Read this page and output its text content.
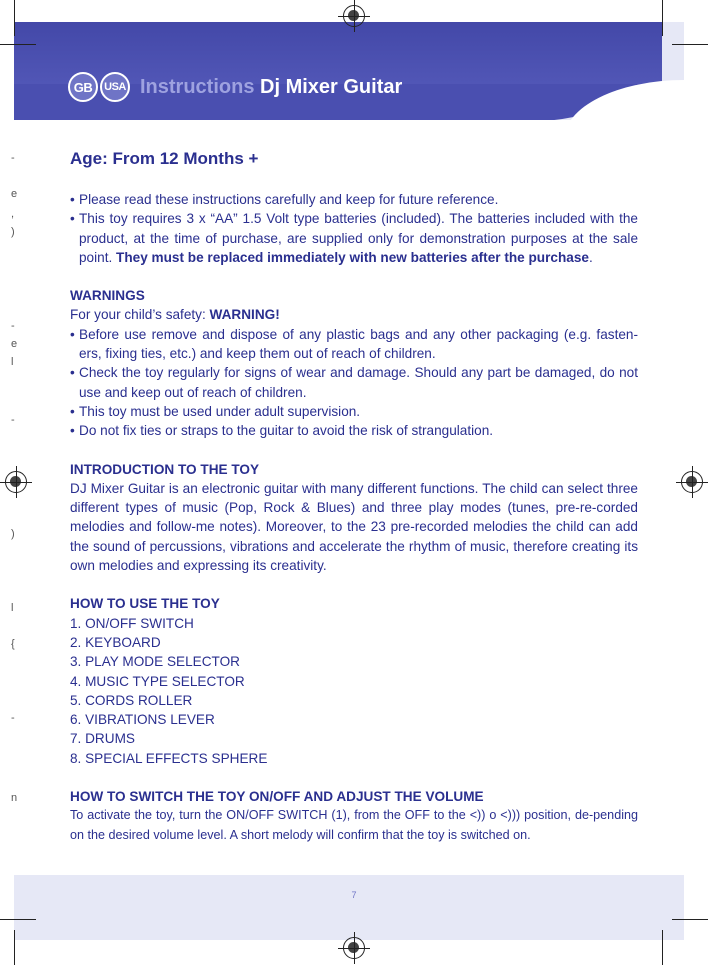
-
e
,
)
-
e
l
-
)
l
{
-
n
GB	USA Instructions Dj Mixer Guitar

Age: From 12 Months +

• Please read these instructions carefully and keep for future reference.

• This toy requires 3 x “AA” 1.5 Volt type batteries (included). The batteries included with the product, at the time of purchase, are supplied only for demonstration purposes at the sale point. They must be replaced immediately with new batteries after the purchase.

WARNINGS

For your child’s safety: WARNING!

• Before use remove and dispose of any plastic bags and any other packaging (e.g. fasten-ers, fixing ties, etc.) and keep them out of reach of children.

• Check the toy regularly for signs of wear and damage. Should any part be damaged, do not use and keep out of reach of children.

• This toy must be used under adult supervision.

• Do not fix ties or straps to the guitar to avoid the risk of strangulation.

INTRODUCTION TO THE TOY

DJ Mixer Guitar is an electronic guitar with many different functions. The child can select three different types of music (Pop, Rock & Blues) and three play modes (tunes, pre-re-corded melodies and follow-me notes). Moreover, to the 23 pre-recorded melodies the child can add the sound of percussions, vibrations and accelerate the rhythm of music, therefore creating its own melodies and expressing its creativity.

HOW TO USE THE TOY

1. ON/OFF SWITCH

2. KEYBOARD

3. PLAY MODE SELECTOR

4. MUSIC TYPE SELECTOR

5. CORDS ROLLER

6. VIBRATIONS LEVER

7. DRUMS

8. SPECIAL EFFECTS SPHERE

HOW TO SWITCH THE TOY ON/OFF AND ADJUST THE VOLUME

To activate the toy, turn the ON/OFF SWITCH (1), from the OFF to the <)) o <))) position, de-pending on the desired volume level. A short melody will confirm that the toy is switched on.

7
